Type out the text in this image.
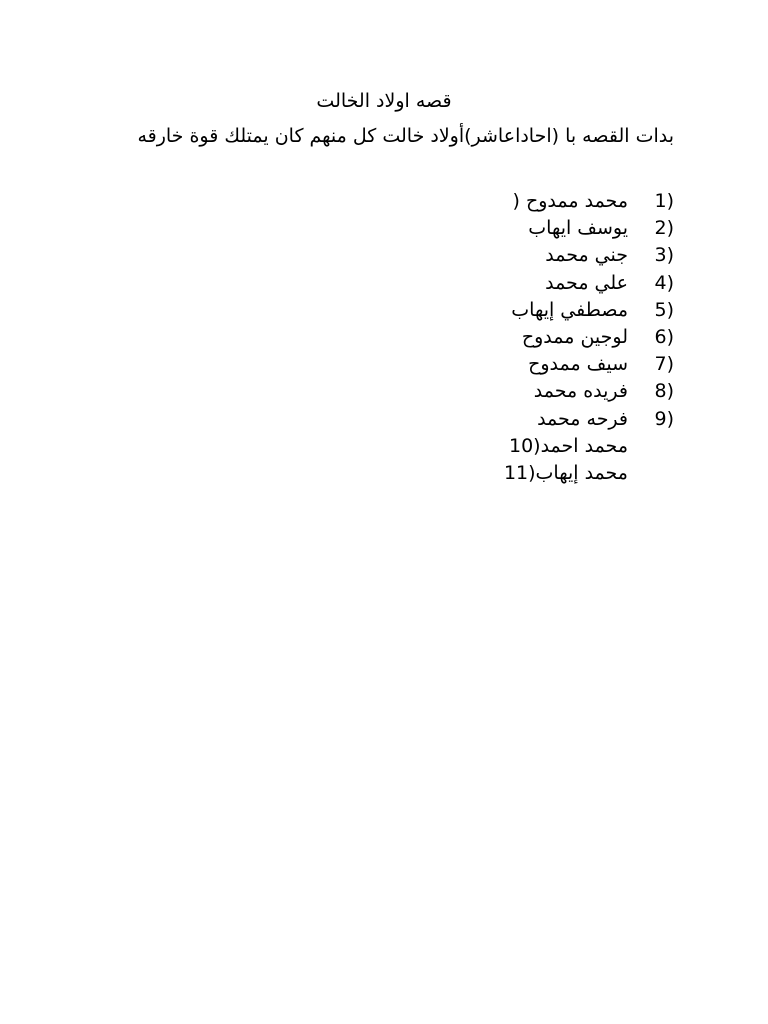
قصه اولاد الخالت
بدات القصه با (احاداعاشر)أولاد خالت كل منهم كان يمتلك قوة خارقه
1)
محمد ممدوح (
2)
يوسف ايهاب
3)
جني محمد
4)
علي محمد
5)
مصطفي إيهاب
6)
لوجين ممدوح
7)
سيف ممدوح
8)
فريده محمد
9)
فرحه محمد
10)محمد احمد
11)محمد إيهاب
